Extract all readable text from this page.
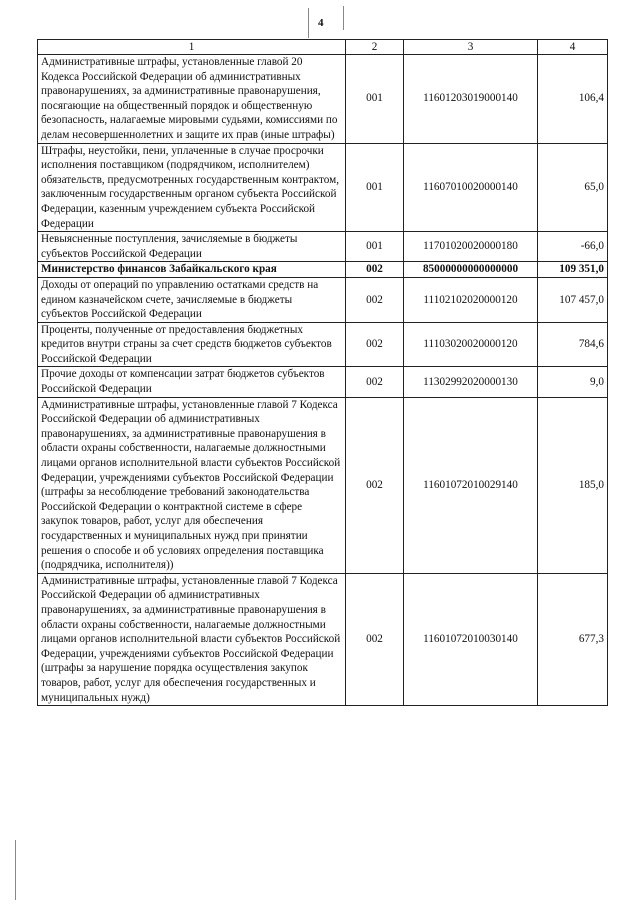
4
1	2	3	4
Административные штрафы, установленные главой 20 Кодекса Российской Федерации об административных правонарушениях, за административные правонарушения, посягающие на общественный порядок и общественную безопасность, налагаемые мировыми судьями, комиссиями по делам несовершеннолетних и защите их прав (иные штрафы)	001	11601203019000140	106,4
Штрафы, неустойки, пени, уплаченные в случае просрочки исполнения поставщиком (подрядчиком, исполнителем) обязательств, предусмотренных государственным контрактом, заключенным государственным органом субъекта Российской Федерации, казенным учреждением субъекта Российской Федерации	001	11607010020000140	65,0
Невыясненные поступления, зачисляемые в бюджеты субъектов Российской Федерации	001	11701020020000180	-66,0
Министерство финансов Забайкальского края	002	85000000000000000	109 351,0
Доходы от операций по управлению остатками средств на едином казначейском счете, зачисляемые в бюджеты субъектов Российской Федерации	002	11102102020000120	107 457,0
Проценты, полученные от предоставления бюджетных кредитов внутри страны за счет средств бюджетов субъектов Российской Федерации	002	11103020020000120	784,6
Прочие доходы от компенсации затрат бюджетов субъектов Российской Федерации	002	11302992020000130	9,0
Административные штрафы, установленные главой 7 Кодекса Российской Федерации об административных правонарушениях, за административные правонарушения в области охраны собственности, налагаемые должностными лицами органов исполнительной власти субъектов Российской Федерации, учреждениями субъектов Российской Федерации (штрафы за несоблюдение требований законодательства Российской Федерации о контрактной системе в сфере закупок товаров, работ, услуг для обеспечения государственных и муниципальных нужд при принятии решения о способе и об условиях определения поставщика (подрядчика, исполнителя))	002	11601072010029140	185,0
Административные штрафы, установленные главой 7 Кодекса Российской Федерации об административных правонарушениях, за административные правонарушения в области охраны собственности, налагаемые должностными лицами органов исполнительной власти субъектов Российской Федерации, учреждениями субъектов Российской Федерации (штрафы за нарушение порядка осуществления закупок товаров, работ, услуг для обеспечения государственных и муниципальных нужд)	002	11601072010030140	677,3
